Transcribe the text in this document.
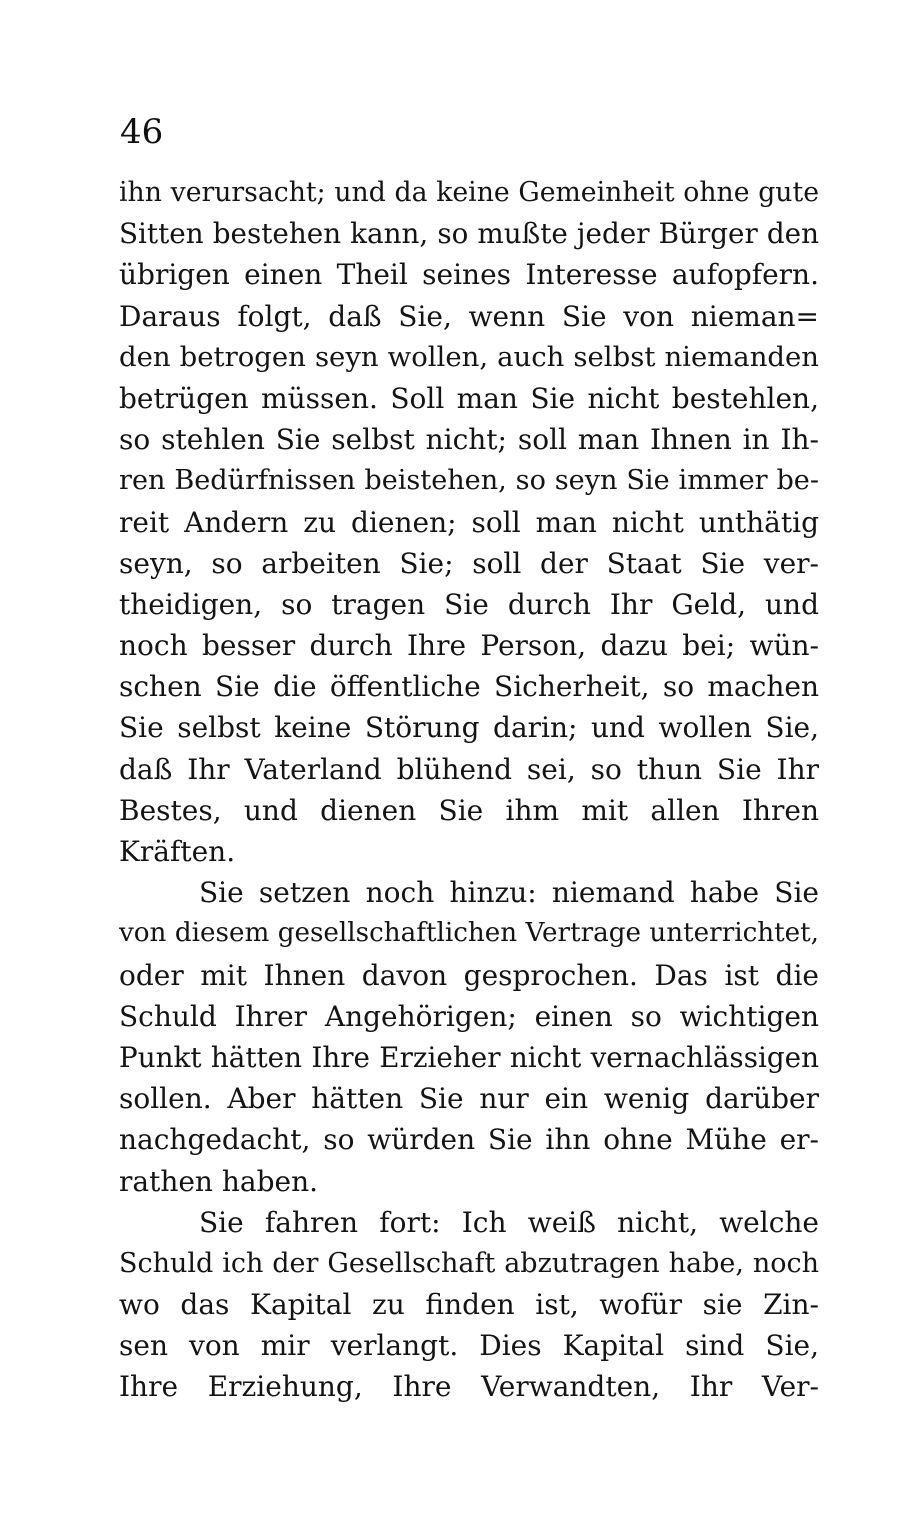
46
ihn verursacht; und da keine Gemeinheit ohne gute
Sitten bestehen kann, so mußte jeder Bürger den
übrigen einen Theil seines Interesse aufopfern.
Daraus folgt, daß Sie, wenn Sie von nieman=
den betrogen seyn wollen, auch selbst niemanden
betrügen müssen. Soll man Sie nicht bestehlen,
so stehlen Sie selbst nicht; soll man Ihnen in Ih-
ren Bedürfnissen beistehen, so seyn Sie immer be-
reit Andern zu dienen; soll man nicht unthätig
seyn, so arbeiten Sie; soll der Staat Sie ver-
theidigen, so tragen Sie durch Ihr Geld, und
noch besser durch Ihre Person, dazu bei; wün-
schen Sie die öffentliche Sicherheit, so machen
Sie selbst keine Störung darin; und wollen Sie,
daß Ihr Vaterland blühend sei, so thun Sie Ihr
Bestes, und dienen Sie ihm mit allen Ihren
Kräften.
Sie setzen noch hinzu: niemand habe Sie
von diesem gesellschaftlichen Vertrage unterrichtet,
oder mit Ihnen davon gesprochen. Das ist die
Schuld Ihrer Angehörigen; einen so wichtigen
Punkt hätten Ihre Erzieher nicht vernachlässigen
sollen. Aber hätten Sie nur ein wenig darüber
nachgedacht, so würden Sie ihn ohne Mühe er-
rathen haben.
Sie fahren fort: Ich weiß nicht, welche
Schuld ich der Gesellschaft abzutragen habe, noch
wo das Kapital zu finden ist, wofür sie Zin-
sen von mir verlangt. Dies Kapital sind Sie,
Ihre Erziehung, Ihre Verwandten, Ihr Ver-
